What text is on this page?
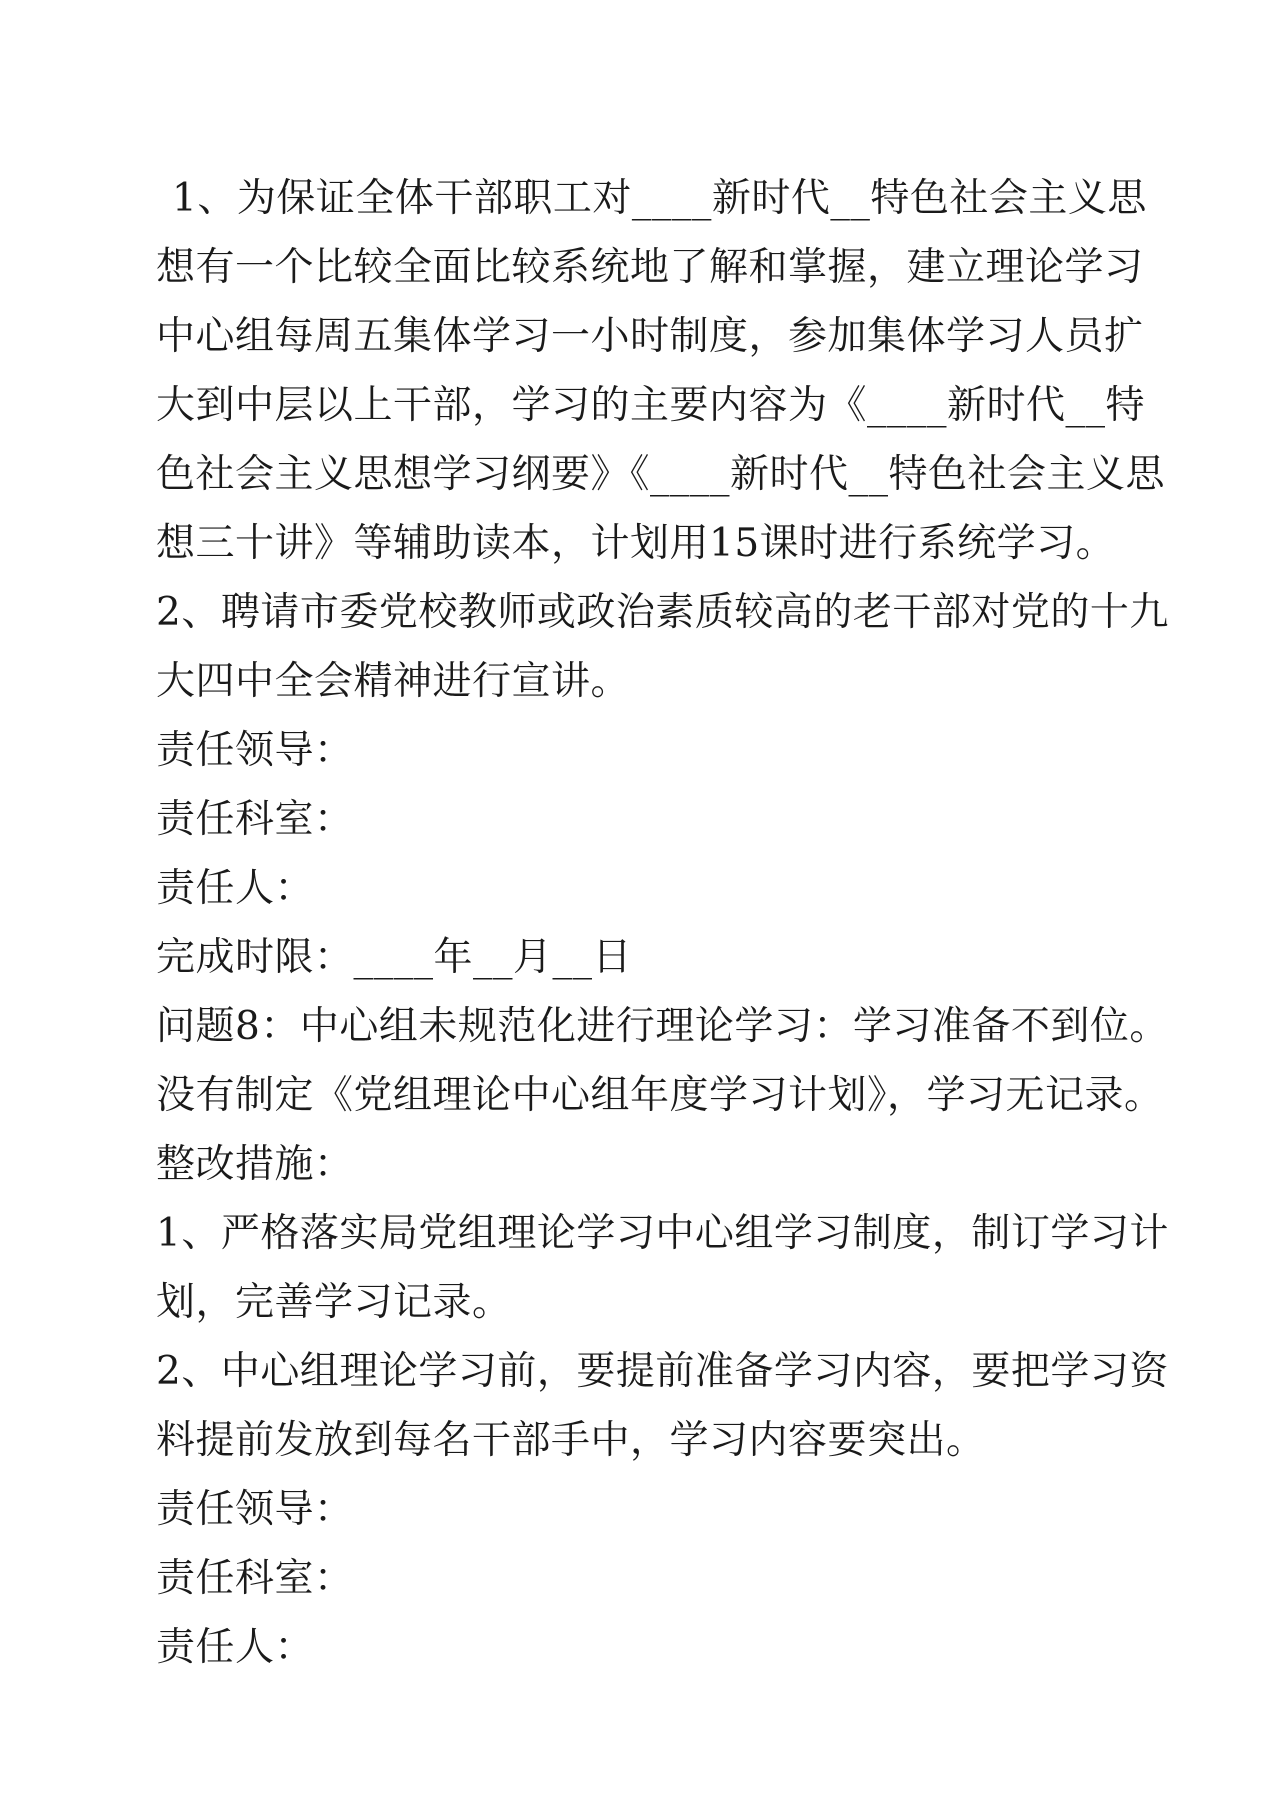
1、为保证全体干部职工对____新时代__特色社会主义思
想有一个比较全面比较系统地了解和掌握，建立理论学习
中心组每周五集体学习一小时制度，参加集体学习人员扩
大到中层以上干部，学习的主要内容为《____新时代__特
色社会主义思想学习纲要》《____新时代__特色社会主义思
想三十讲》等辅助读本，计划用15课时进行系统学习。
2、聘请市委党校教师或政治素质较高的老干部对党的十九
大四中全会精神进行宣讲。
责任领导：
责任科室：
责任人：
完成时限：____年__月__日
问题8：中心组未规范化进行理论学习：学习准备不到位。
没有制定《党组理论中心组年度学习计划》，学习无记录。
整改措施：
1、严格落实局党组理论学习中心组学习制度，制订学习计
划，完善学习记录。
2、中心组理论学习前，要提前准备学习内容，要把学习资
料提前发放到每名干部手中，学习内容要突出。
责任领导：
责任科室：
责任人：
